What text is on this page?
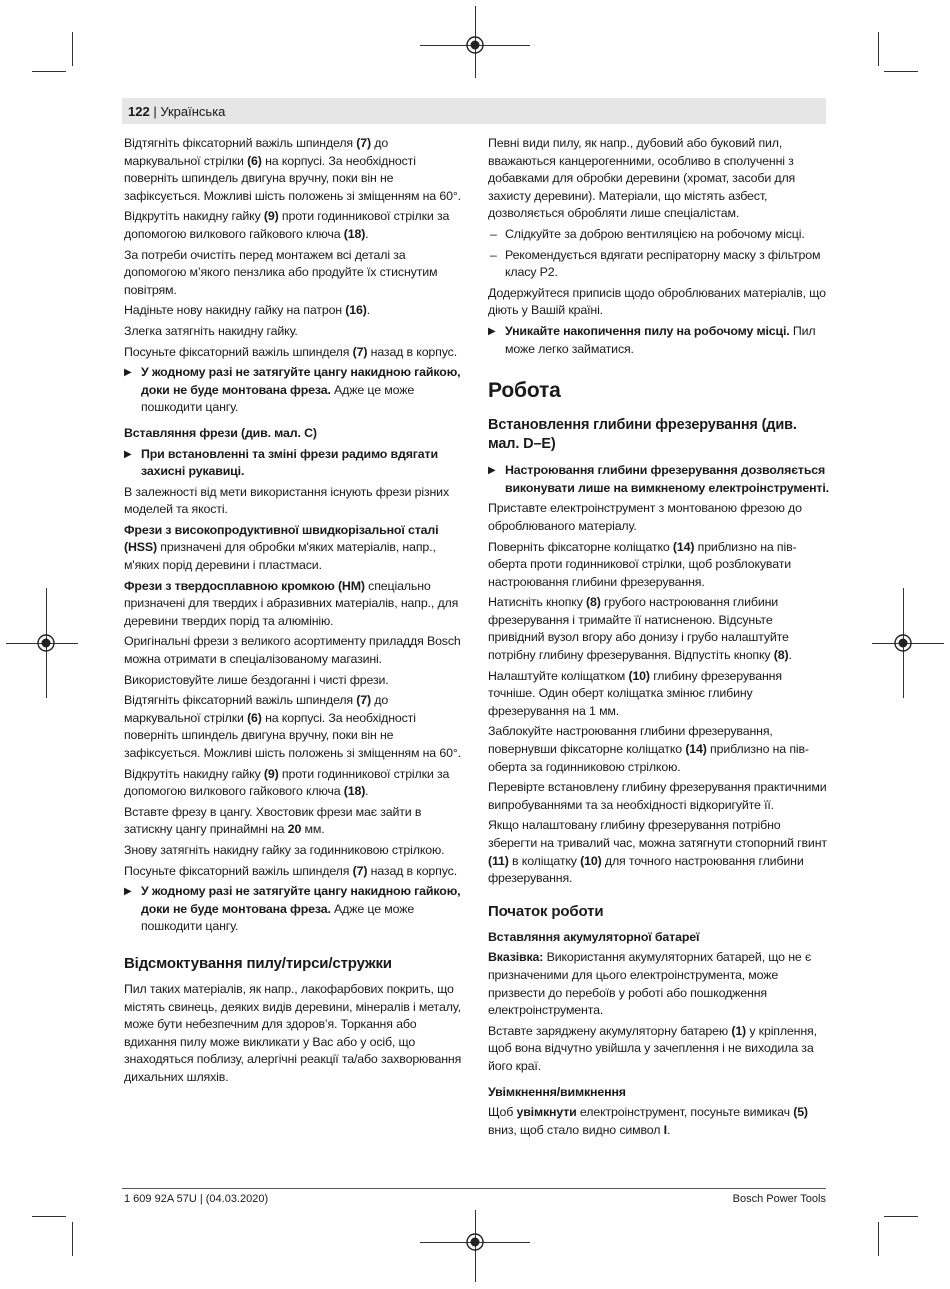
122 | Українська

Відтягніть фіксаторний важіль шпинделя (7) до маркувальної стрілки (6) на корпусі. За необхідності поверніть шпиндель двигуна вручну, поки він не зафіксується. Можливі шість положень зі зміщенням на 60°.

Відкрутіть накидну гайку (9) проти годинникової стрілки за допомогою вилкового гайкового ключа (18).

За потреби очистіть перед монтажем всі деталі за допомогою м’якого пензлика або продуйте їх стиснутим повітрям.

Надіньте нову накидну гайку на патрон (16).

Злегка затягніть накидну гайку.

Посуньте фіксаторний важіль шпинделя (7) назад в корпус.

▶ У жодному разі не затягуйте цангу накидною гайкою, доки не буде монтована фреза. Адже це може пошкодити цангу.

Вставляння фрези (див. мал. C)

▶ При встановленні та зміні фрези радимо вдягати захисні рукавиці.

В залежності від мети використання існують фрези різних моделей та якості.

Фрези з високопродуктивної швидкорізальної сталі (HSS) призначені для обробки м'яких матеріалів, напр., м'яких порід деревини і пластмаси.

Фрези з твердосплавною кромкою (HM) спеціально призначені для твердих і абразивних матеріалів, напр., для деревини твердих порід та алюмінію.

Оригінальні фрези з великого асортименту приладдя Bosch можна отримати в спеціалізованому магазині.

Використовуйте лише бездоганні і чисті фрези.

Відтягніть фіксаторний важіль шпинделя (7) до маркувальної стрілки (6) на корпусі. За необхідності поверніть шпиндель двигуна вручну, поки він не зафіксується. Можливі шість положень зі зміщенням на 60°.

Відкрутіть накидну гайку (9) проти годинникової стрілки за допомогою вилкового гайкового ключа (18).

Вставте фрезу в цангу. Хвостовик фрези має зайти в затискну цангу принаймні на 20 мм.

Знову затягніть накидну гайку за годинниковою стрілкою.

Посуньте фіксаторний важіль шпинделя (7) назад в корпус.

▶ У жодному разі не затягуйте цангу накидною гайкою, доки не буде монтована фреза. Адже це може пошкодити цангу.

Відсмоктування пилу/тирси/стружки

Пил таких матеріалів, як напр., лакофарбових покрить, що містять свинець, деяких видів деревини, мінералів і металу, може бути небезпечним для здоров’я. Торкання або вдихання пилу може викликати у Вас або у осіб, що знаходяться поблизу, алергічні реакції та/або захворювання дихальних шляхів.

Певні види пилу, як напр., дубовий або буковий пил, вважаються канцерогенними, особливо в сполученні з добавками для обробки деревини (хромат, засоби для захисту деревини). Матеріали, що містять азбест, дозволяється обробляти лише спеціалістам.

– Слідкуйте за доброю вентиляцією на робочому місці.
– Рекомендується вдягати респіраторну маску з фільтром класу P2.

Додержуйтеся приписів щодо оброблюваних матеріалів, що діють у Вашій країні.

▶ Уникайте накопичення пилу на робочому місці. Пил може легко займатися.

Робота

Встановлення глибини фрезерування (див. мал. D–E)

▶ Настроювання глибини фрезерування дозволяється виконувати лише на вимкненому електроінструменті.

Приставте електроінструмент з монтованою фрезою до оброблюваного матеріалу.

Поверніть фіксаторне коліщатко (14) приблизно на пів-оберта проти годинникової стрілки, щоб розблокувати настроювання глибини фрезерування.

Натисніть кнопку (8) грубого настроювання глибини фрезерування і тримайте її натисненою. Відсуньте привідний вузол вгору або донизу і грубо налаштуйте потрібну глибину фрезерування. Відпустіть кнопку (8).

Налаштуйте коліщатком (10) глибину фрезерування точніше. Один оберт коліщатка змінює глибину фрезерування на 1 мм.

Заблокуйте настроювання глибини фрезерування, повернувши фіксаторне коліщатко (14) приблизно на пів-оберта за годинниковою стрілкою.

Перевірте встановлену глибину фрезерування практичними випробуваннями та за необхідності відкоригуйте її.

Якщо налаштовану глибину фрезерування потрібно зберегти на тривалий час, можна затягнути стопорний гвинт (11) в коліщатку (10) для точного настроювання глибини фрезерування.

Початок роботи

Вставляння акумуляторної батареї

Вказівка: Використання акумуляторних батарей, що не є призначеними для цього електроінструмента, може призвести до перебоїв у роботі або пошкодження електроінструмента.

Вставте заряджену акумуляторну батарею (1) у кріплення, щоб вона відчутно увійшла у зачеплення і не виходила за його краї.

Увімкнення/вимкнення

Щоб увімкнути електроінструмент, посуньте вимикач (5) вниз, щоб стало видно символ I.

1 609 92A 57U | (04.03.2020)	Bosch Power Tools
